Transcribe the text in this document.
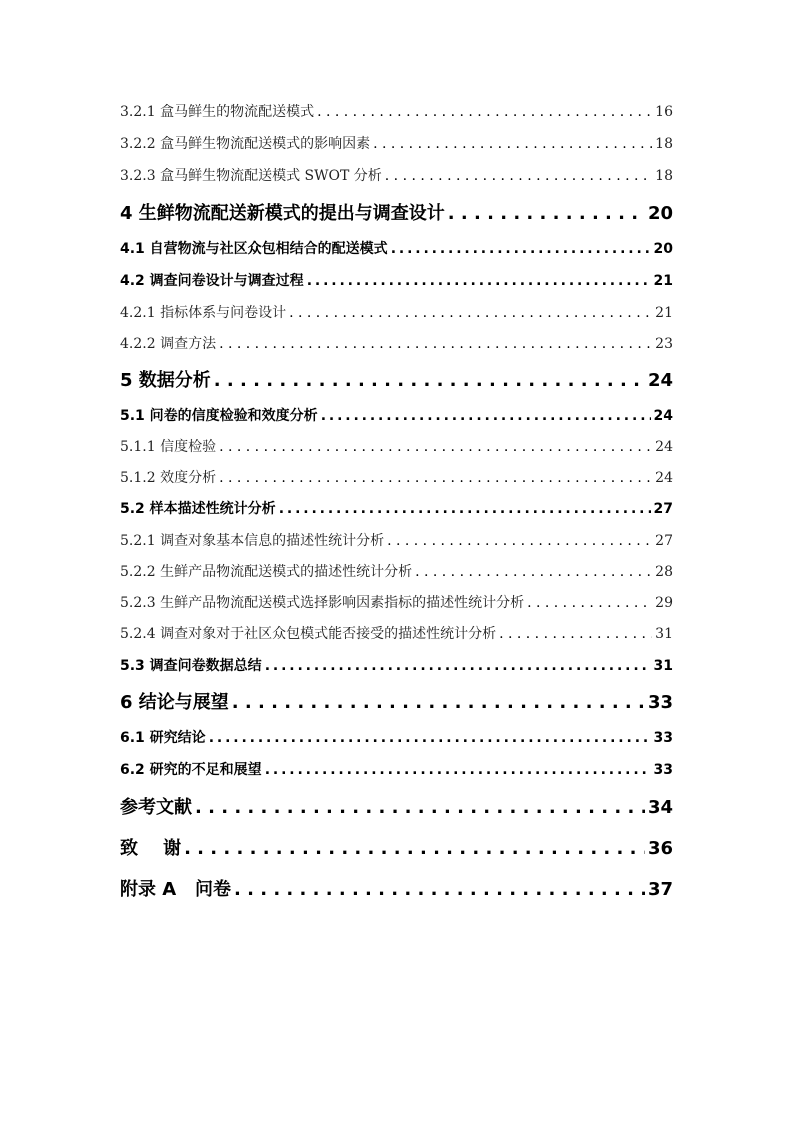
3.2.1 盒马鲜生的物流配送模式 . . .	16
3.2.2 盒马鲜生物流配送模式的影响因素 . . .	18
3.2.3 盒马鲜生物流配送模式 SWOT 分析 . . .	18
4 生鲜物流配送新模式的提出与调查设计 . . .	20
4.1 自营物流与社区众包相结合的配送模式 . . .	20
4.2 调查问卷设计与调查过程 . . .	21
4.2.1 指标体系与问卷设计 . . .	21
4.2.2 调查方法 . . .	23
5 数据分析 . . .	24
5.1 问卷的信度检验和效度分析 . . .	24
5.1.1 信度检验 . . .	24
5.1.2 效度分析 . . .	24
5.2 样本描述性统计分析 . . .	27
5.2.1 调查对象基本信息的描述性统计分析 . . .	27
5.2.2 生鲜产品物流配送模式的描述性统计分析 . . .	28
5.2.3 生鲜产品物流配送模式选择影响因素指标的描述性统计分析 . . .	29
5.2.4 调查对象对于社区众包模式能否接受的描述性统计分析 . . .	31
5.3 调查问卷数据总结 . . .	31
6 结论与展望 . . .	33
6.1 研究结论 . . .	33
6.2 研究的不足和展望 . . .	33
参考文献 . . .	34
致    谢 . . .	36
附录 A   问卷 . . .	37
